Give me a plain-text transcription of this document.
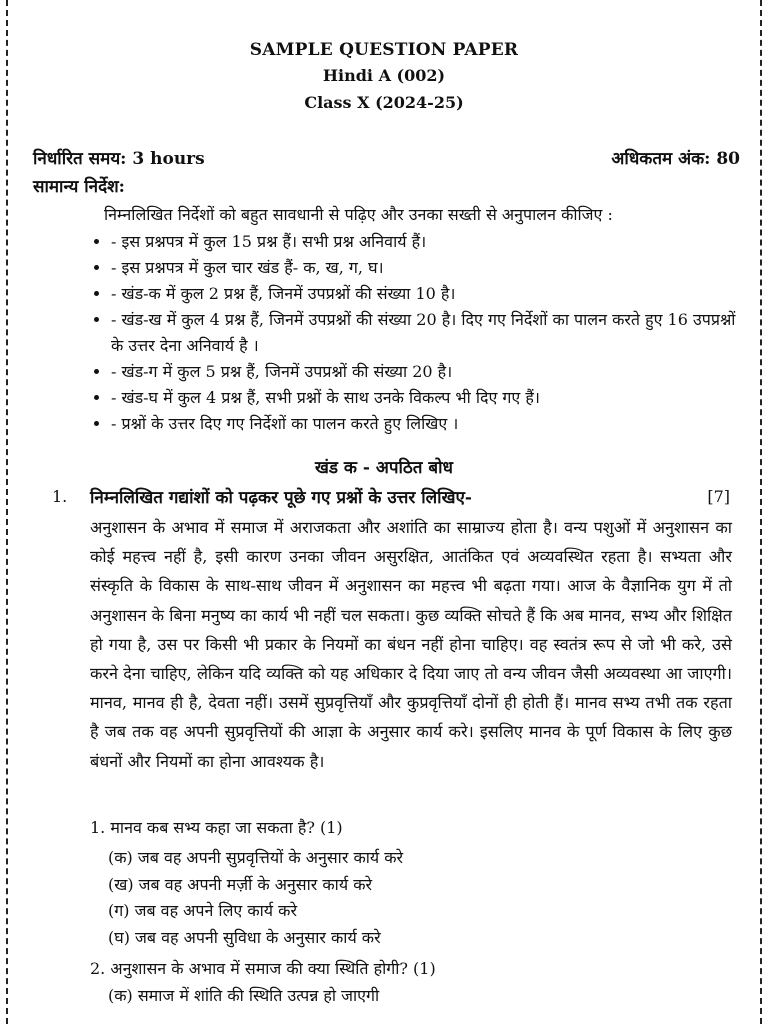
SAMPLE QUESTION PAPER
Hindi A (002)
Class X (2024-25)
निर्धारित समय: 3 hours	अधिकतम अंक: 80
सामान्य निर्देश:
निम्नलिखित निर्देशों को बहुत सावधानी से पढ़िए और उनका सख्ती से अनुपालन कीजिए :
• - इस प्रश्नपत्र में कुल 15 प्रश्न हैं। सभी प्रश्न अनिवार्य हैं।
• - इस प्रश्नपत्र में कुल चार खंड हैं- क, ख, ग, घ।
• - खंड-क में कुल 2 प्रश्न हैं, जिनमें उपप्रश्नों की संख्या 10 है।
• - खंड-ख में कुल 4 प्रश्न हैं, जिनमें उपप्रश्नों की संख्या 20 है। दिए गए निर्देशों का पालन करते हुए 16 उपप्रश्नों के उत्तर देना अनिवार्य है ।
• - खंड-ग में कुल 5 प्रश्न हैं, जिनमें उपप्रश्नों की संख्या 20 है।
• - खंड-घ में कुल 4 प्रश्न हैं, सभी प्रश्नों के साथ उनके विकल्प भी दिए गए हैं।
• - प्रश्नों के उत्तर दिए गए निर्देशों का पालन करते हुए लिखिए ।
खंड क - अपठित बोध
1. निम्नलिखित गद्यांशों को पढ़कर पूछे गए प्रश्नों के उत्तर लिखिए-	[7]
अनुशासन के अभाव में समाज में अराजकता और अशांति का साम्राज्य होता है। वन्य पशुओं में अनुशासन का कोई महत्त्व नहीं है, इसी कारण उनका जीवन असुरक्षित, आतंकित एवं अव्यवस्थित रहता है। सभ्यता और संस्कृति के विकास के साथ-साथ जीवन में अनुशासन का महत्त्व भी बढ़ता गया। आज के वैज्ञानिक युग में तो अनुशासन के बिना मनुष्य का कार्य भी नहीं चल सकता। कुछ व्यक्ति सोचते हैं कि अब मानव, सभ्य और शिक्षित हो गया है, उस पर किसी भी प्रकार के नियमों का बंधन नहीं होना चाहिए। वह स्वतंत्र रूप से जो भी करे, उसे करने देना चाहिए, लेकिन यदि व्यक्ति को यह अधिकार दे दिया जाए तो वन्य जीवन जैसी अव्यवस्था आ जाएगी। मानव, मानव ही है, देवता नहीं। उसमें सुप्रवृत्तियाँ और कुप्रवृत्तियाँ दोनों ही होती हैं। मानव सभ्य तभी तक रहता है जब तक वह अपनी सुप्रवृत्तियों की आज्ञा के अनुसार कार्य करे। इसलिए मानव के पूर्ण विकास के लिए कुछ बंधनों और नियमों का होना आवश्यक है।
1. मानव कब सभ्य कहा जा सकता है? (1)
(क) जब वह अपनी सुप्रवृत्तियों के अनुसार कार्य करे
(ख) जब वह अपनी मर्ज़ी के अनुसार कार्य करे
(ग) जब वह अपने लिए कार्य करे
(घ) जब वह अपनी सुविधा के अनुसार कार्य करे
2. अनुशासन के अभाव में समाज की क्या स्थिति होगी? (1)
(क) समाज में शांति की स्थिति उत्पन्न हो जाएगी
